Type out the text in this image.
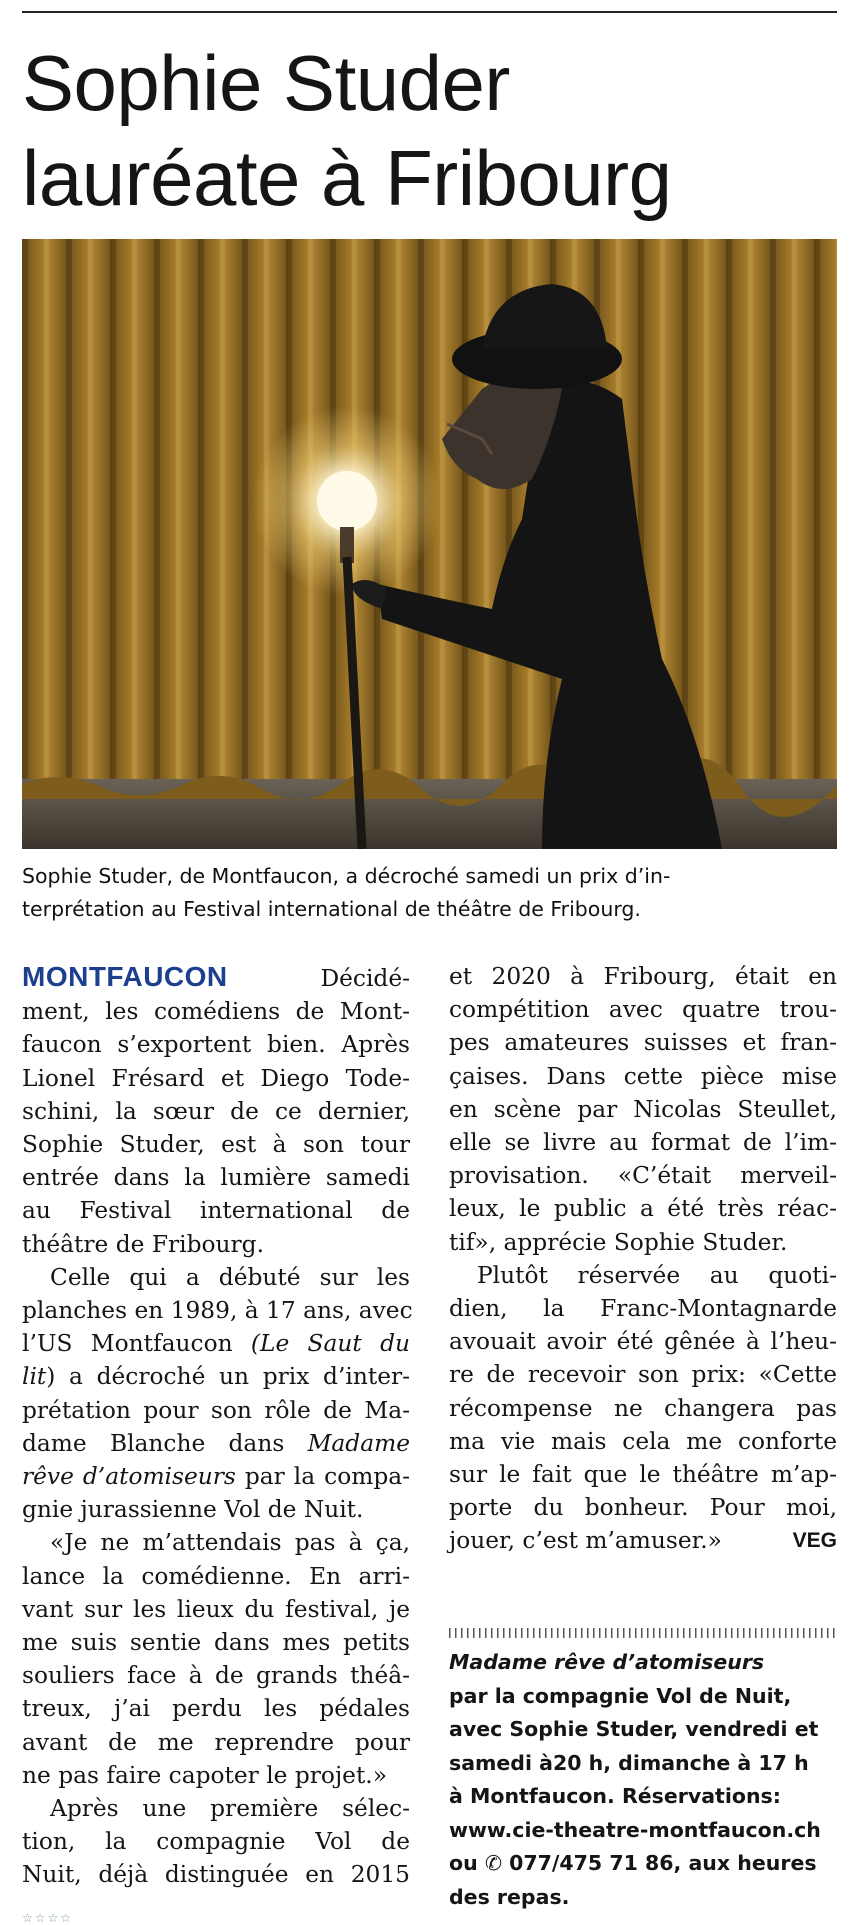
Sophie Studer
lauréate à Fribourg

Sophie Studer, de Montfaucon, a décroché samedi un prix d’in-
terprétation au Festival international de théâtre de Fribourg.

MONTFAUCON Décidé-
ment, les comédiens de Mont-
faucon s’exportent bien. Après
Lionel Frésard et Diego Tode-
schini, la sœur de ce dernier,
Sophie Studer, est à son tour
entrée dans la lumière samedi
au Festival international de
théâtre de Fribourg.
Celle qui a débuté sur les
planches en 1989, à 17 ans, avec
l’US Montfaucon (Le Saut du
lit) a décroché un prix d’inter-
prétation pour son rôle de Ma-
dame Blanche dans Madame
rêve d’atomiseurs par la compa-
gnie jurassienne Vol de Nuit.
«Je ne m’attendais pas à ça,
lance la comédienne. En arri-
vant sur les lieux du festival, je
me suis sentie dans mes petits
souliers face à de grands théâ-
treux, j’ai perdu les pédales
avant de me reprendre pour
ne pas faire capoter le projet.»
Après une première sélec-
tion, la compagnie Vol de
Nuit, déjà distinguée en 2015
et 2020 à Fribourg, était en
compétition avec quatre trou-
pes amateures suisses et fran-
çaises. Dans cette pièce mise
en scène par Nicolas Steullet,
elle se livre au format de l’im-
provisation. «C’était merveil-
leux, le public a été très réac-
tif», apprécie Sophie Studer.
Plutôt réservée au quoti-
dien, la Franc-Montagnarde
avouait avoir été gênée à l’heu-
re de recevoir son prix: «Cette
récompense ne changera pas
ma vie mais cela me conforte
sur le fait que le théâtre m’ap-
porte du bonheur. Pour moi,
jouer, c’est m’amuser.»	VEG
Madame rêve d’atomiseurs
par la compagnie Vol de Nuit,
avec Sophie Studer, vendredi et
samedi à20 h, dimanche à 17 h
à Montfaucon. Réservations:
www.cie-theatre-montfaucon.ch
ou ✆ 077/475 71 86, aux heures
des repas.
☆☆☆☆
